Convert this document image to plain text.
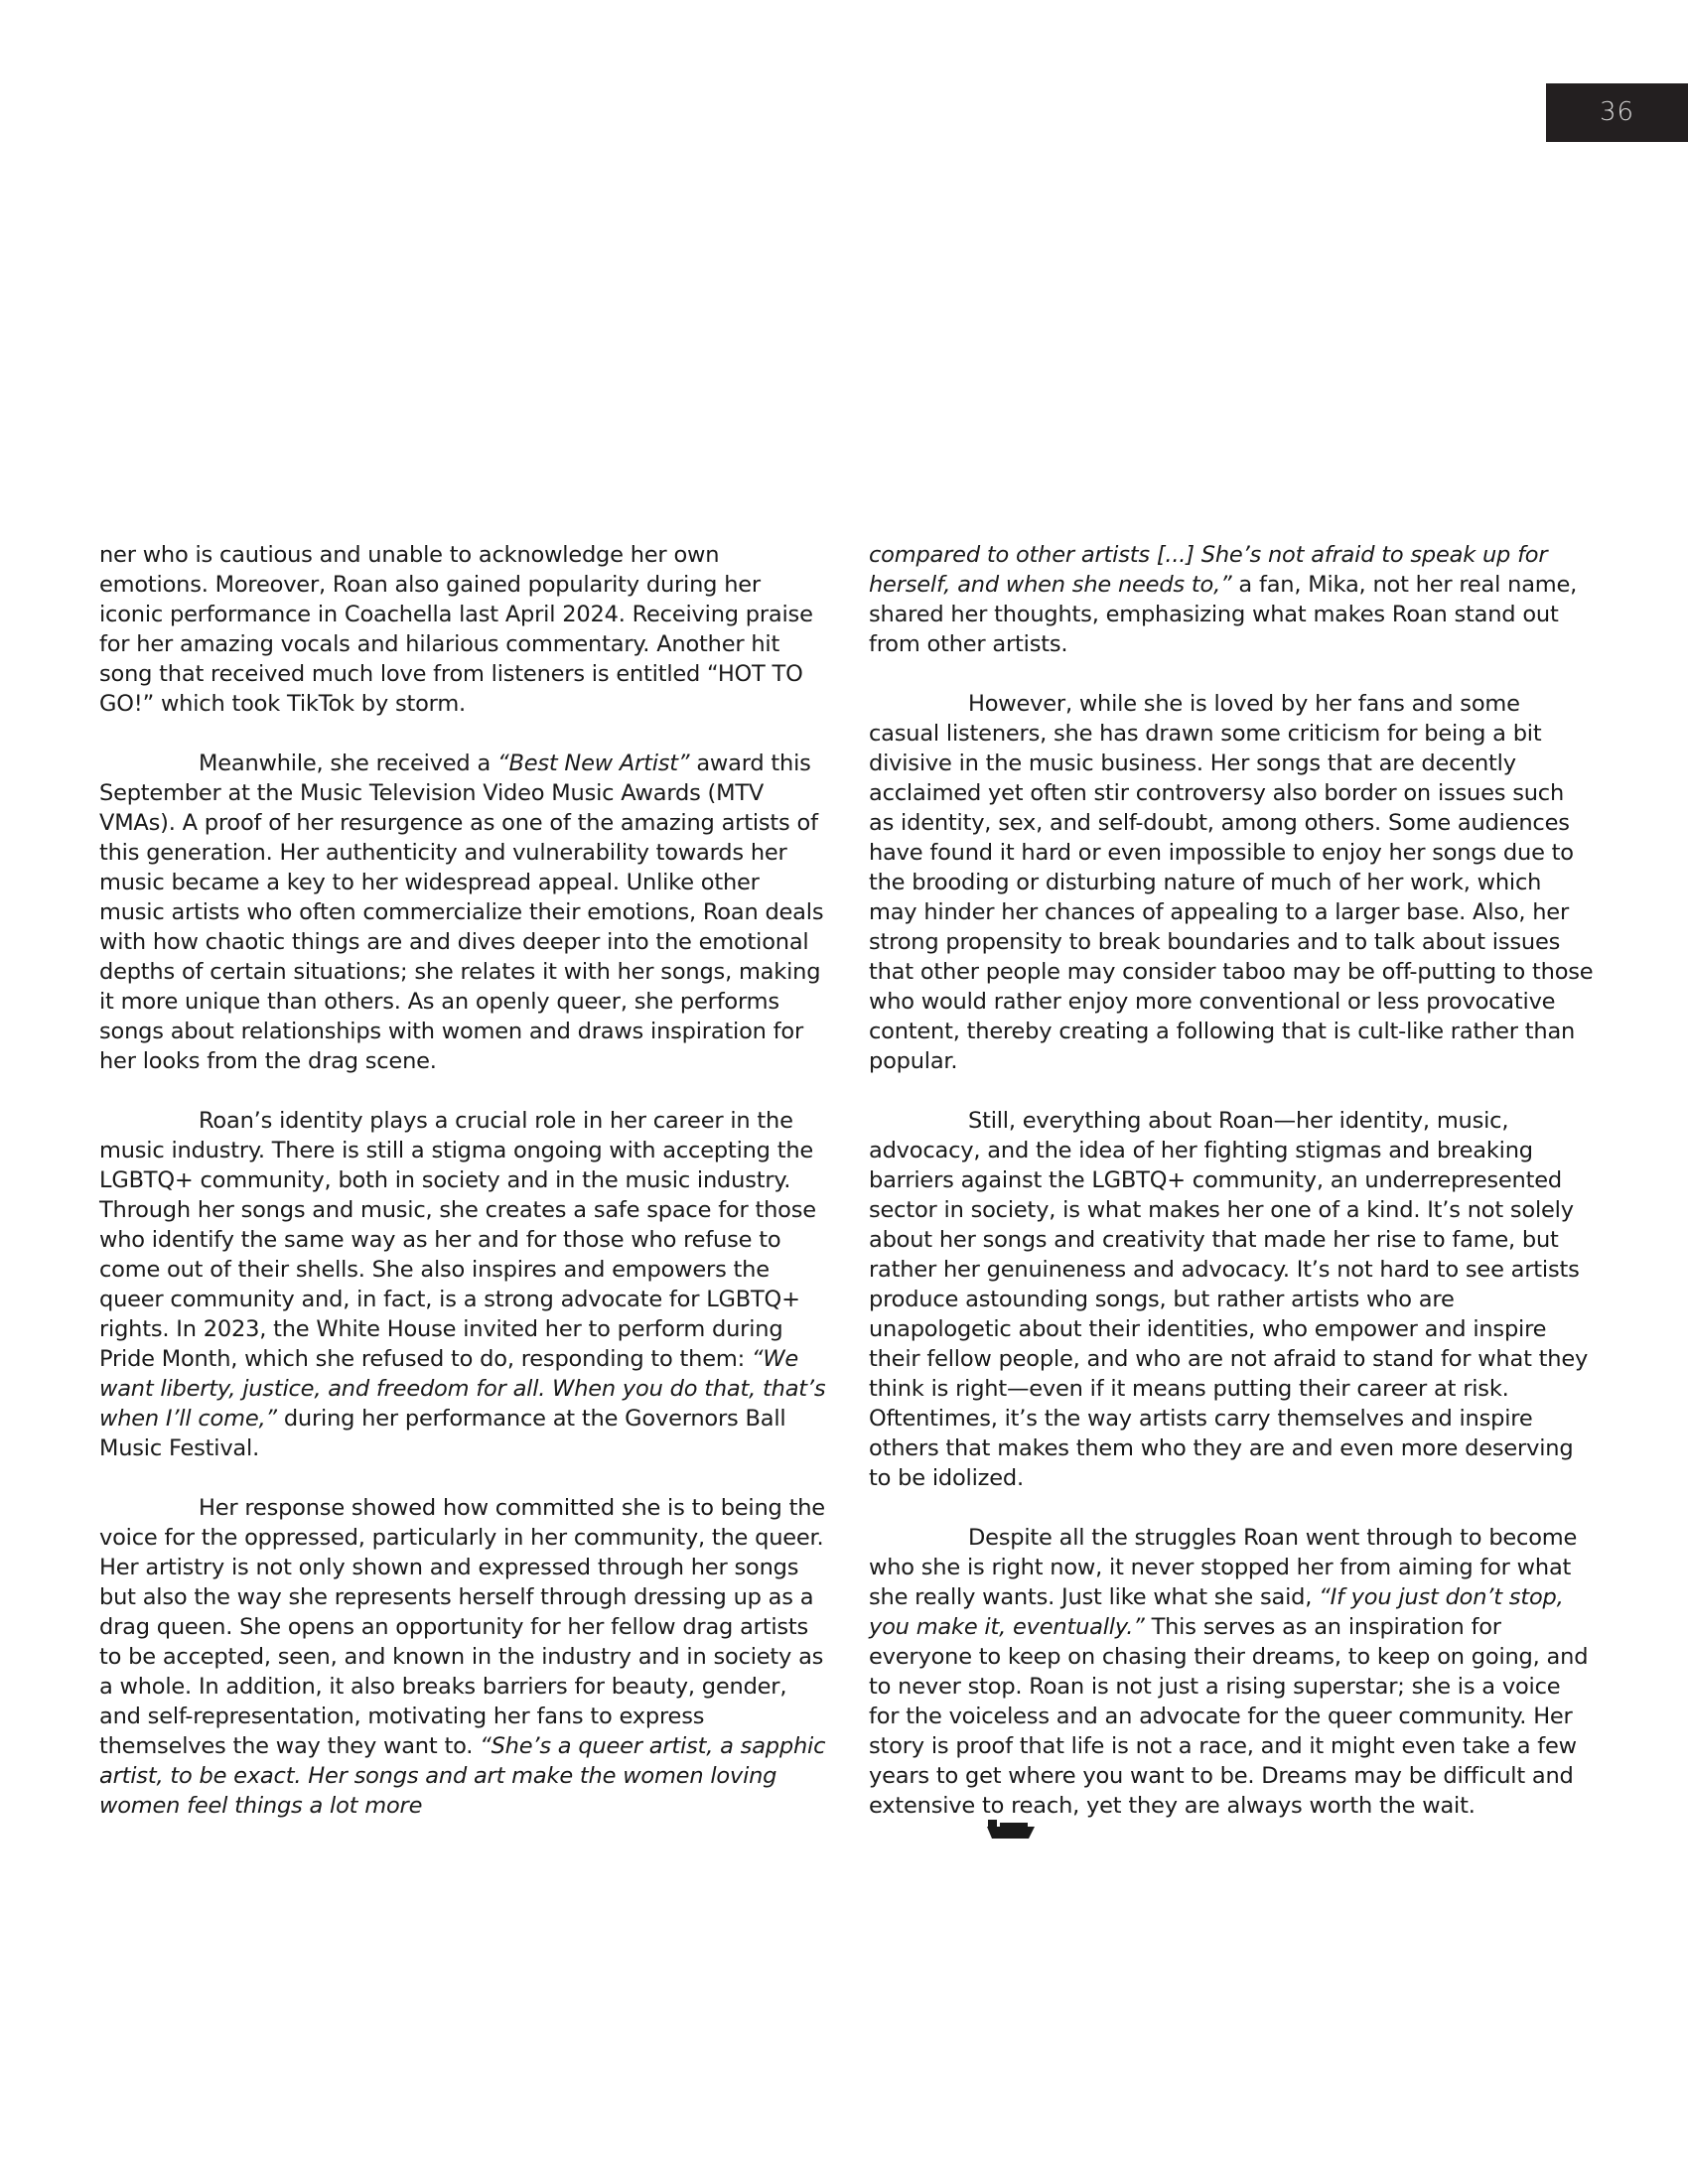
36

ner who is cautious and unable to acknowledge her own emotions. Moreover, Roan also gained popularity during her iconic performance in Coachella last April 2024. Receiving praise for her amazing vocals and hilarious commentary. Another hit song that received much love from listeners is entitled “HOT TO GO!” which took TikTok by storm.

Meanwhile, she received a “Best New Artist” award this September at the Music Television Video Music Awards (MTV VMAs). A proof of her resurgence as one of the amazing artists of this generation. Her authenticity and vulnerability towards her music became a key to her widespread appeal. Unlike other music artists who often commercialize their emotions, Roan deals with how chaotic things are and dives deeper into the emotional depths of certain situations; she relates it with her songs, making it more unique than others. As an openly queer, she performs songs about relationships with women and draws inspiration for her looks from the drag scene.

Roan’s identity plays a crucial role in her career in the music industry. There is still a stigma ongoing with accepting the LGBTQ+ community, both in society and in the music industry. Through her songs and music, she creates a safe space for those who identify the same way as her and for those who refuse to come out of their shells. She also inspires and empowers the queer community and, in fact, is a strong advocate for LGBTQ+ rights. In 2023, the White House invited her to perform during Pride Month, which she refused to do, responding to them: “We want liberty, justice, and freedom for all. When you do that, that’s when I’ll come,” during her performance at the Governors Ball Music Festival.

Her response showed how committed she is to being the voice for the oppressed, particularly in her community, the queer. Her artistry is not only shown and expressed through her songs but also the way she represents herself through dressing up as a drag queen. She opens an opportunity for her fellow drag artists to be accepted, seen, and known in the industry and in society as a whole. In addition, it also breaks barriers for beauty, gender, and self-representation, motivating her fans to express themselves the way they want to. “She’s a queer artist, a sapphic artist, to be exact. Her songs and art make the women loving women feel things a lot more

compared to other artists [...] She’s not afraid to speak up for herself, and when she needs to,” a fan, Mika, not her real name, shared her thoughts, emphasizing what makes Roan stand out from other artists.

However, while she is loved by her fans and some casual listeners, she has drawn some criticism for being a bit divisive in the music business. Her songs that are decently acclaimed yet often stir controversy also border on issues such as identity, sex, and self-doubt, among others. Some audiences have found it hard or even impossible to enjoy her songs due to the brooding or disturbing nature of much of her work, which may hinder her chances of appealing to a larger base. Also, her strong propensity to break boundaries and to talk about issues that other people may consider taboo may be off-putting to those who would rather enjoy more conventional or less provocative content, thereby creating a following that is cult-like rather than popular.

Still, everything about Roan—her identity, music, advocacy, and the idea of her fighting stigmas and breaking barriers against the LGBTQ+ community, an underrepresented sector in society, is what makes her one of a kind. It’s not solely about her songs and creativity that made her rise to fame, but rather her genuineness and advocacy. It’s not hard to see artists produce astounding songs, but rather artists who are unapologetic about their identities, who empower and inspire their fellow people, and who are not afraid to stand for what they think is right—even if it means putting their career at risk. Oftentimes, it’s the way artists carry themselves and inspire others that makes them who they are and even more deserving to be idolized.

Despite all the struggles Roan went through to become who she is right now, it never stopped her from aiming for what she really wants. Just like what she said, “If you just don’t stop, you make it, eventually.” This serves as an inspiration for everyone to keep on chasing their dreams, to keep on going, and to never stop. Roan is not just a rising superstar; she is a voice for the voiceless and an advocate for the queer community. Her story is proof that life is not a race, and it might even take a few years to get where you want to be. Dreams may be difficult and extensive to reach, yet they are always worth the wait.
